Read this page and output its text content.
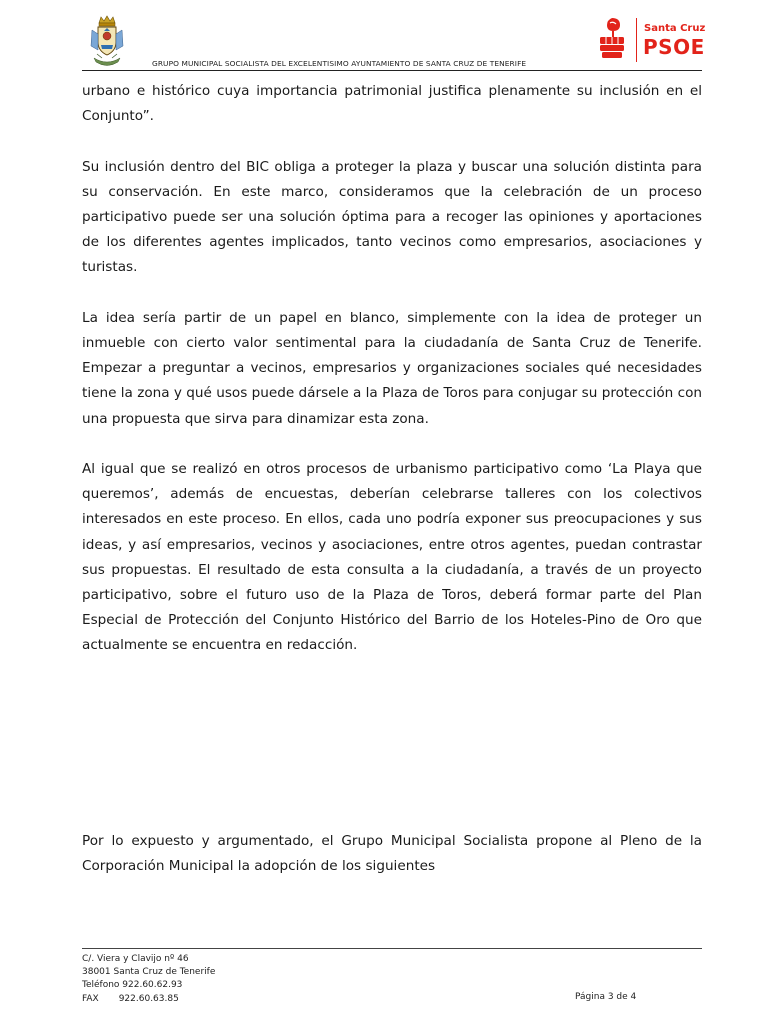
GRUPO MUNICIPAL SOCIALISTA DEL EXCELENTISIMO AYUNTAMIENTO DE SANTA CRUZ DE TENERIFE
Santa Cruz
PSOE

urbano e histórico cuya importancia patrimonial justifica plenamente su inclusión en el Conjunto”.

Su inclusión dentro del BIC obliga a proteger la plaza y buscar una solución distinta para su conservación. En este marco, consideramos que la celebración de un proceso participativo puede ser una solución óptima para a recoger las opiniones y aportaciones de los diferentes agentes implicados, tanto vecinos como empresarios, asociaciones y turistas.

La idea sería partir de un papel en blanco, simplemente con la idea de proteger un inmueble con cierto valor sentimental para la ciudadanía de Santa Cruz de Tenerife. Empezar a preguntar a vecinos, empresarios y organizaciones sociales qué necesidades tiene la zona y qué usos puede dársele a la Plaza de Toros para conjugar su protección con una propuesta que sirva para dinamizar esta zona.

Al igual que se realizó en otros procesos de urbanismo participativo como ‘La Playa que queremos’, además de encuestas, deberían celebrarse talleres con los colectivos interesados en este proceso. En ellos, cada uno podría exponer sus preocupaciones y sus ideas, y así empresarios, vecinos y asociaciones, entre otros agentes, puedan contrastar sus propuestas. El resultado de esta consulta a la ciudadanía, a través de un proyecto participativo, sobre el futuro uso de la Plaza de Toros, deberá formar parte del Plan Especial de Protección del Conjunto Histórico del Barrio de los Hoteles-Pino de Oro que actualmente se encuentra en redacción.

Por lo expuesto y argumentado, el Grupo Municipal Socialista propone al Pleno de la Corporación Municipal la adopción de los siguientes

C/. Viera y Clavijo nº 46
38001 Santa Cruz de Tenerife
Teléfono 922.60.62.93
FAX       922.60.63.85	Página 3 de 4
